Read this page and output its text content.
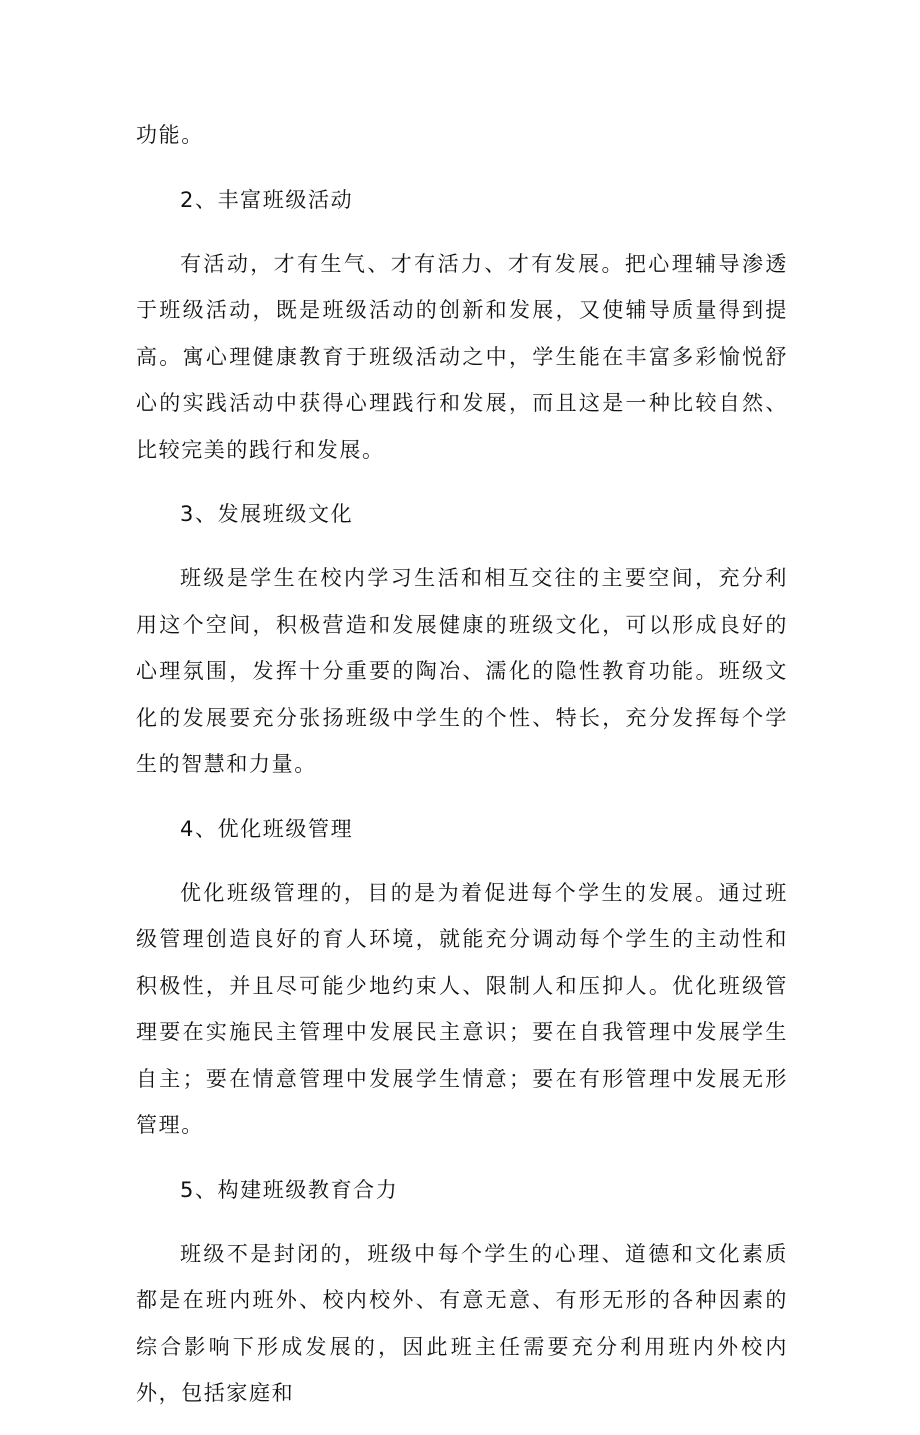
功能。

2、丰富班级活动

有活动，才有生气、才有活力、才有发展。把心理辅导渗透于班级活动，既是班级活动的创新和发展，又使辅导质量得到提高。寓心理健康教育于班级活动之中，学生能在丰富多彩愉悦舒心的实践活动中获得心理践行和发展，而且这是一种比较自然、比较完美的践行和发展。

3、发展班级文化

班级是学生在校内学习生活和相互交往的主要空间，充分利用这个空间，积极营造和发展健康的班级文化，可以形成良好的心理氛围，发挥十分重要的陶冶、濡化的隐性教育功能。班级文化的发展要充分张扬班级中学生的个性、特长，充分发挥每个学生的智慧和力量。

4、优化班级管理

优化班级管理的，目的是为着促进每个学生的发展。通过班级管理创造良好的育人环境，就能充分调动每个学生的主动性和积极性，并且尽可能少地约束人、限制人和压抑人。优化班级管理要在实施民主管理中发展民主意识；要在自我管理中发展学生自主；要在情意管理中发展学生情意；要在有形管理中发展无形管理。

5、构建班级教育合力

班级不是封闭的，班级中每个学生的心理、道德和文化素质都是在班内班外、校内校外、有意无意、有形无形的各种因素的综合影响下形成发展的，因此班主任需要充分利用班内外校内外，包括家庭和
